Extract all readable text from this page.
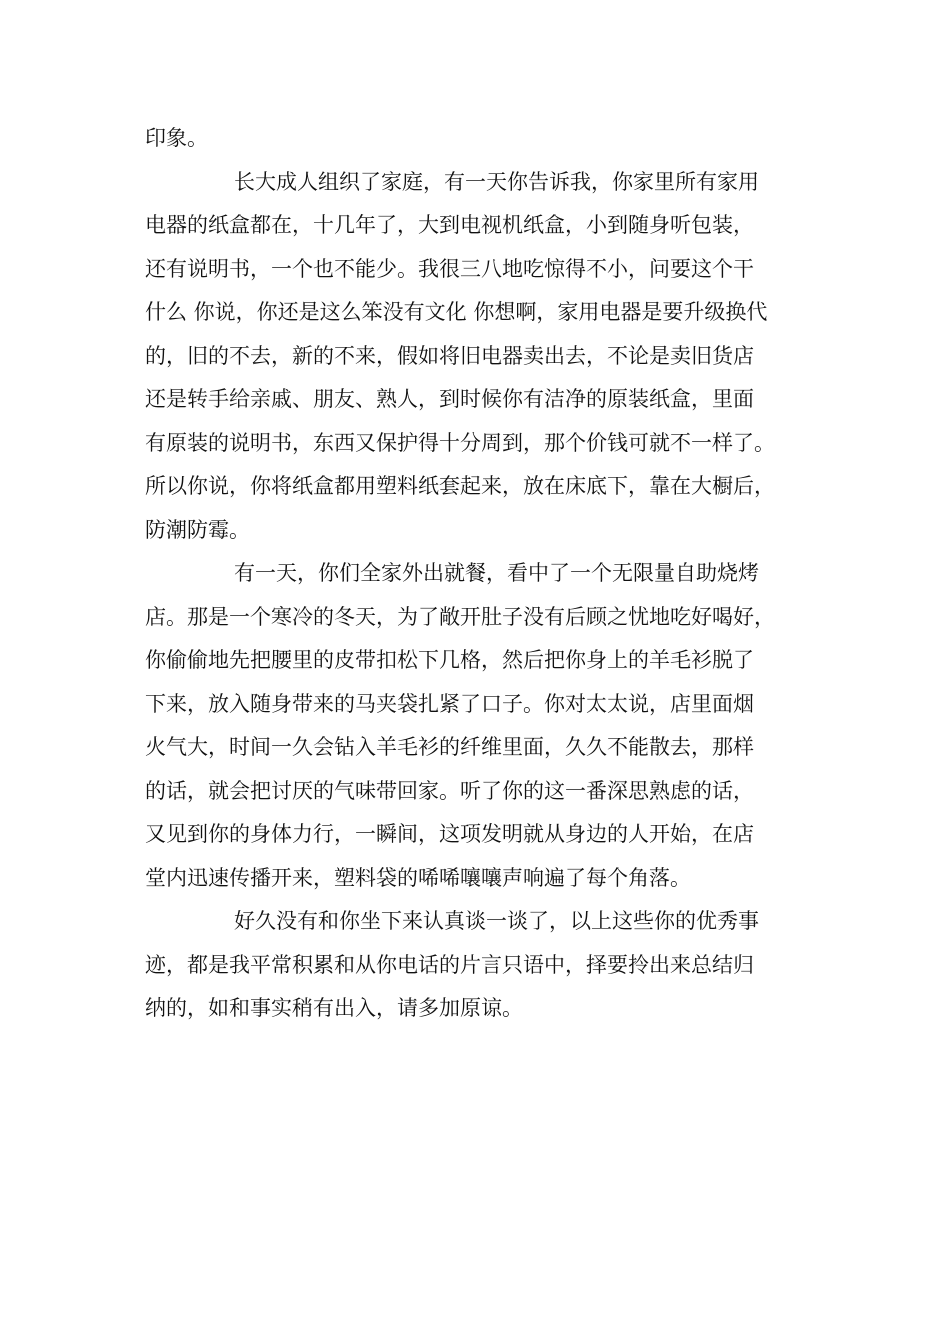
印象。
长大成人组织了家庭，有一天你告诉我，你家里所有家用
电器的纸盒都在，十几年了，大到电视机纸盒，小到随身听包装，
还有说明书，一个也不能少。我很三八地吃惊得不小，问要这个干
什么 你说，你还是这么笨没有文化 你想啊，家用电器是要升级换代
的，旧的不去，新的不来，假如将旧电器卖出去，不论是卖旧货店
还是转手给亲戚、朋友、熟人，到时候你有洁净的原装纸盒，里面
有原装的说明书，东西又保护得十分周到，那个价钱可就不一样了。
所以你说，你将纸盒都用塑料纸套起来，放在床底下，靠在大橱后，
防潮防霉。
有一天，你们全家外出就餐，看中了一个无限量自助烧烤
店。那是一个寒冷的冬天，为了敞开肚子没有后顾之忧地吃好喝好，
你偷偷地先把腰里的皮带扣松下几格，然后把你身上的羊毛衫脱了
下来，放入随身带来的马夹袋扎紧了口子。你对太太说，店里面烟
火气大，时间一久会钻入羊毛衫的纤维里面，久久不能散去，那样
的话，就会把讨厌的气味带回家。听了你的这一番深思熟虑的话，
又见到你的身体力行，一瞬间，这项发明就从身边的人开始，在店
堂内迅速传播开来，塑料袋的唏唏嚷嚷声响遍了每个角落。
好久没有和你坐下来认真谈一谈了，以上这些你的优秀事
迹，都是我平常积累和从你电话的片言只语中，择要拎出来总结归
纳的，如和事实稍有出入，请多加原谅。
